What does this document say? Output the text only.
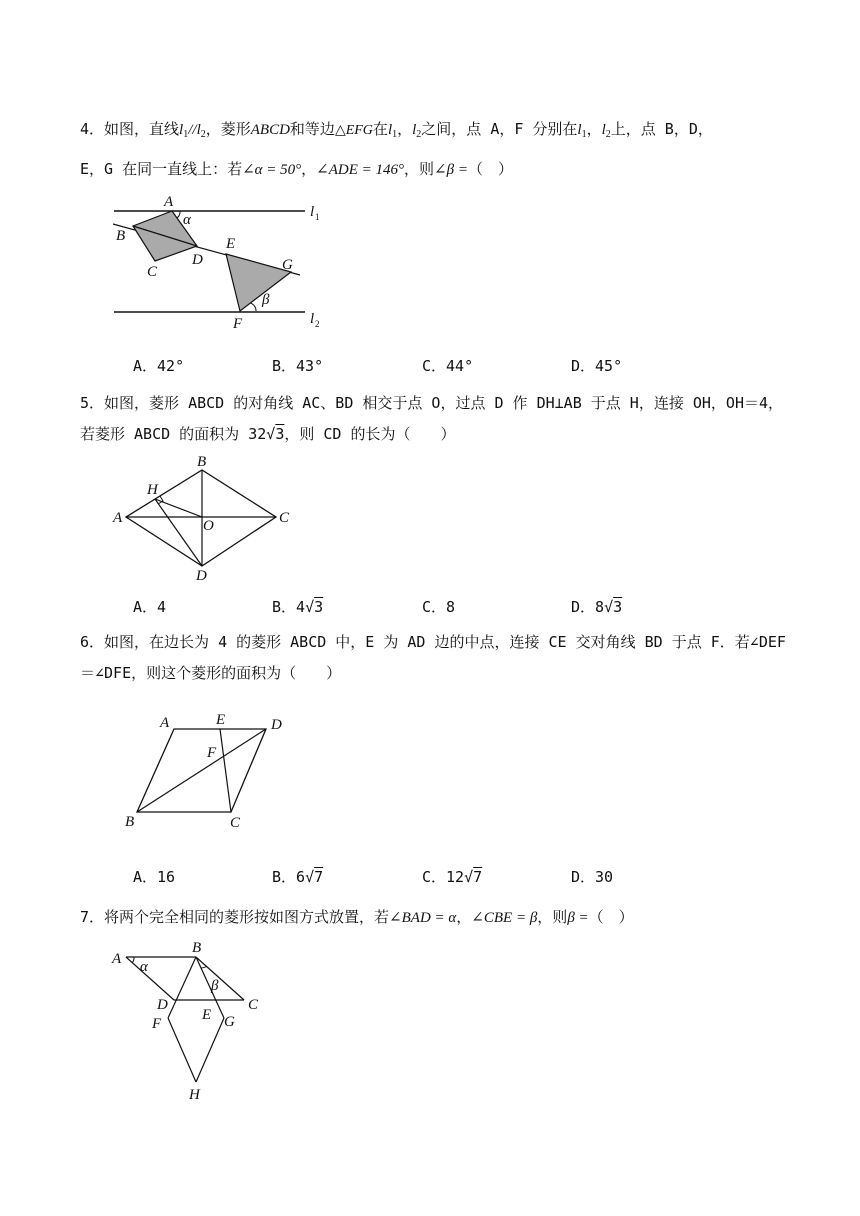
4．如图，直线$l_1//l_2$，菱形ABCD和等边△EFG在$l_1$，$l_2$之间，点 A，F 分别在$l_1$，$l_2$上，点 B，D，
E，G 在同一直线上：若∠α = 50°，∠ADE = 146°，则∠β =（　）
A
α
B
C
D
E
G
β
F
l 1
l 2
A．42°	B．43°	C．44°	D．45°
5．如图，菱形 ABCD 的对角线 AC、BD 相交于点 O，过点 D 作 DH⊥AB 于点 H，连接 OH，OH＝4，
若菱形 ABCD 的面积为 32√3，则 CD 的长为（　　）
B
H
A	O	C
D
A．4	B．4√3	C．8	D．8√3
6．如图，在边长为 4 的菱形 ABCD 中，E 为 AD 边的中点，连接 CE 交对角线 BD 于点 F．若∠DEF
＝∠DFE，则这个菱形的面积为（　　）
A	E	D
F
B	C
A．16	B．6√7	C．12√7	D．30
7．将两个完全相同的菱形按如图方式放置，若∠BAD = α，∠CBE = β，则β =（　）
A α
B
β
C
D
F
E G
H
